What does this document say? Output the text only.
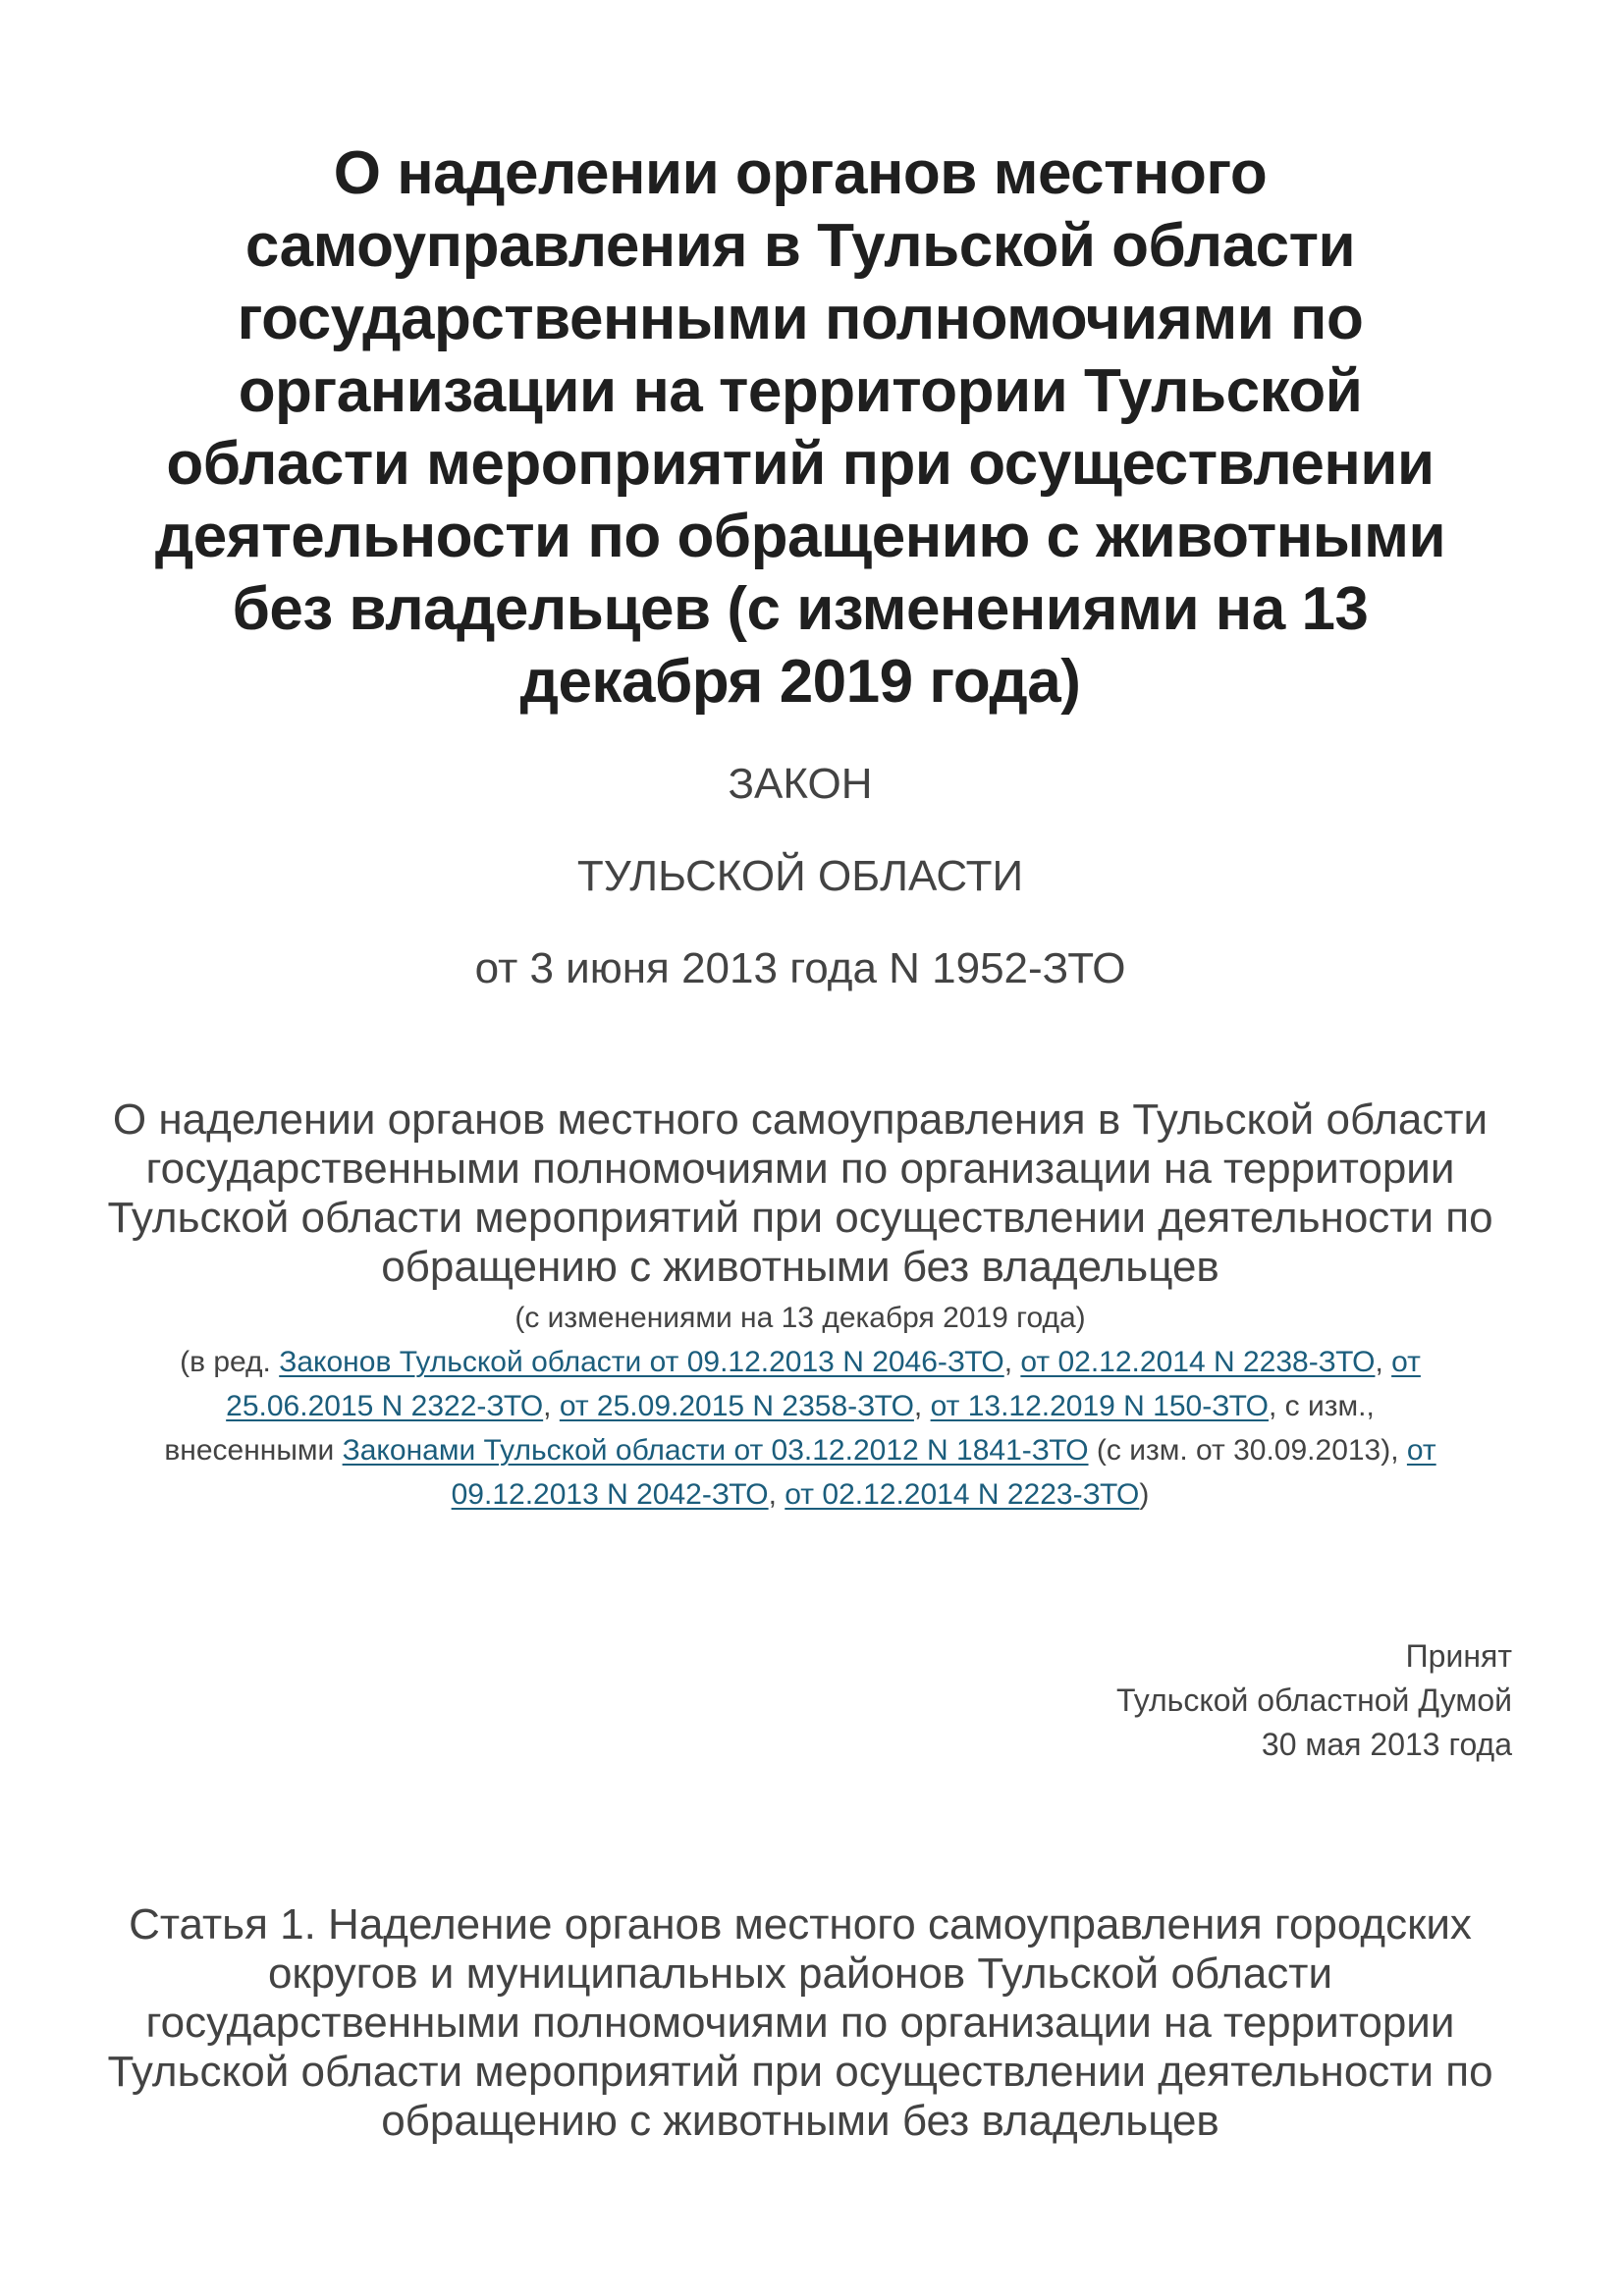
О наделении органов местного
самоуправления в Тульской области
государственными полномочиями по
организации на территории Тульской
области мероприятий при осуществлении
деятельности по обращению с животными
без владельцев (с изменениями на 13
декабря 2019 года)
ЗАКОН
ТУЛЬСКОЙ ОБЛАСТИ
от 3 июня 2013 года N 1952-ЗТО
О наделении органов местного самоуправления в Тульской области
государственными полномочиями по организации на территории
Тульской области мероприятий при осуществлении деятельности по
обращению с животными без владельцев
(с изменениями на 13 декабря 2019 года)
(в ред. Законов Тульской области от 09.12.2013 N 2046-ЗТО, от 02.12.2014 N 2238-ЗТО, от
25.06.2015 N 2322-ЗТО, от 25.09.2015 N 2358-ЗТО, от 13.12.2019 N 150-ЗТО, с изм.,
внесенными Законами Тульской области от 03.12.2012 N 1841-ЗТО (с изм. от 30.09.2013), от
09.12.2013 N 2042-ЗТО, от 02.12.2014 N 2223-ЗТО)
Принят
Тульской областной Думой
30 мая 2013 года
Статья 1. Наделение органов местного самоуправления городских
округов и муниципальных районов Тульской области
государственными полномочиями по организации на территории
Тульской области мероприятий при осуществлении деятельности по
обращению с животными без владельцев
